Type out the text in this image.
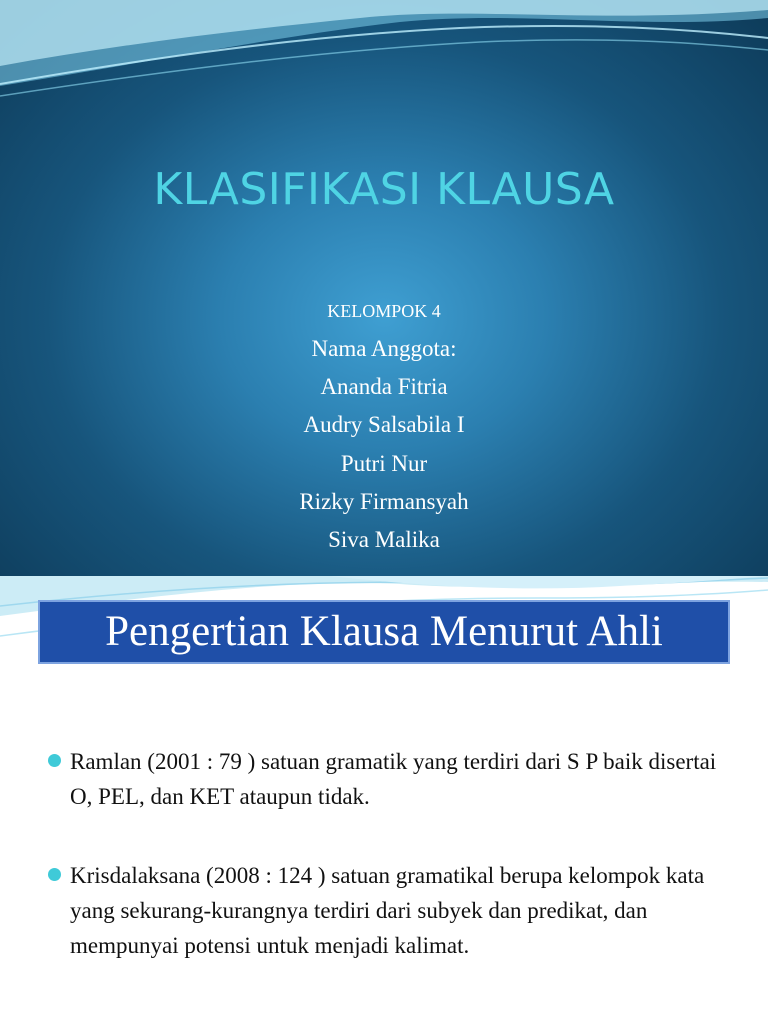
KLASIFIKASI KLAUSA
KELOMPOK 4
Nama Anggota:
Ananda Fitria
Audry Salsabila I
Putri Nur
Rizky Firmansyah
Siva Malika
Pengertian Klausa Menurut Ahli
Ramlan (2001 : 79 ) satuan gramatik yang terdiri dari S P baik disertai O, PEL, dan KET ataupun tidak.
Krisdalaksana (2008 : 124 ) satuan gramatikal berupa kelompok kata yang sekurang-kurangnya terdiri dari subyek dan predikat, dan mempunyai potensi untuk menjadi kalimat.
